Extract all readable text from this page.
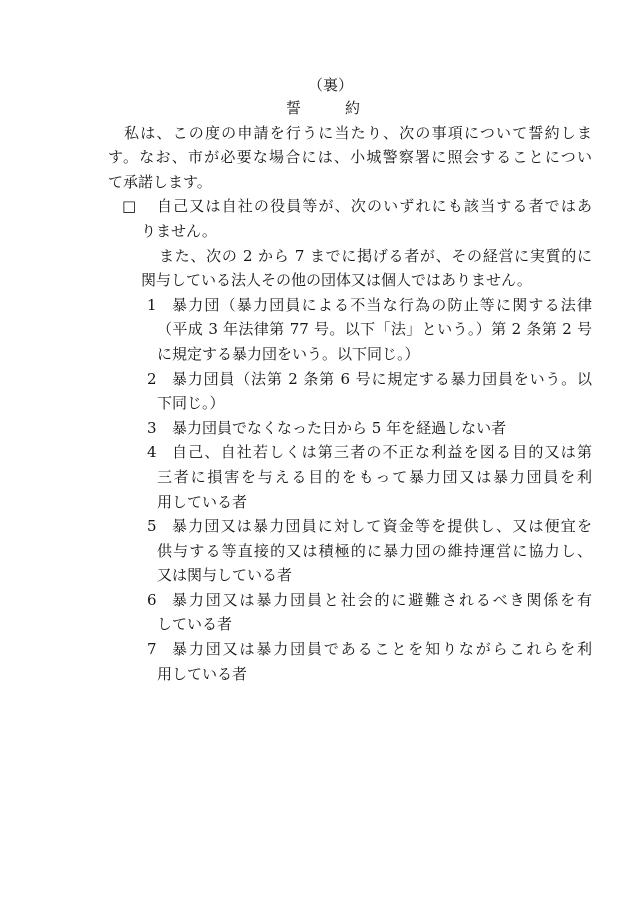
（裏）
誓約
私は、この度の申請を行うに当たり、次の事項について誓約しま
す。なお、市が必要な場合には、小城警察署に照会することについ
て承諾します。
□ 自己又は自社の役員等が、次のいずれにも該当する者ではあ
りません。
また、次の 2 から 7 までに掲げる者が、その経営に実質的に
関与している法人その他の団体又は個人ではありません。
1 暴力団（暴力団員による不当な行為の防止等に関する法律
（平成 3 年法律第 77 号。以下「法」という。）第 2 条第 2 号
に規定する暴力団をいう。以下同じ。）
2 暴力団員（法第 2 条第 6 号に規定する暴力団員をいう。以
下同じ。）
3 暴力団員でなくなった日から 5 年を経過しない者
4 自己、自社若しくは第三者の不正な利益を図る目的又は第
三者に損害を与える目的をもって暴力団又は暴力団員を利
用している者
5 暴力団又は暴力団員に対して資金等を提供し、又は便宜を
供与する等直接的又は積極的に暴力団の維持運営に協力し、
又は関与している者
6 暴力団又は暴力団員と社会的に避難されるべき関係を有
している者
7 暴力団又は暴力団員であることを知りながらこれらを利
用している者
